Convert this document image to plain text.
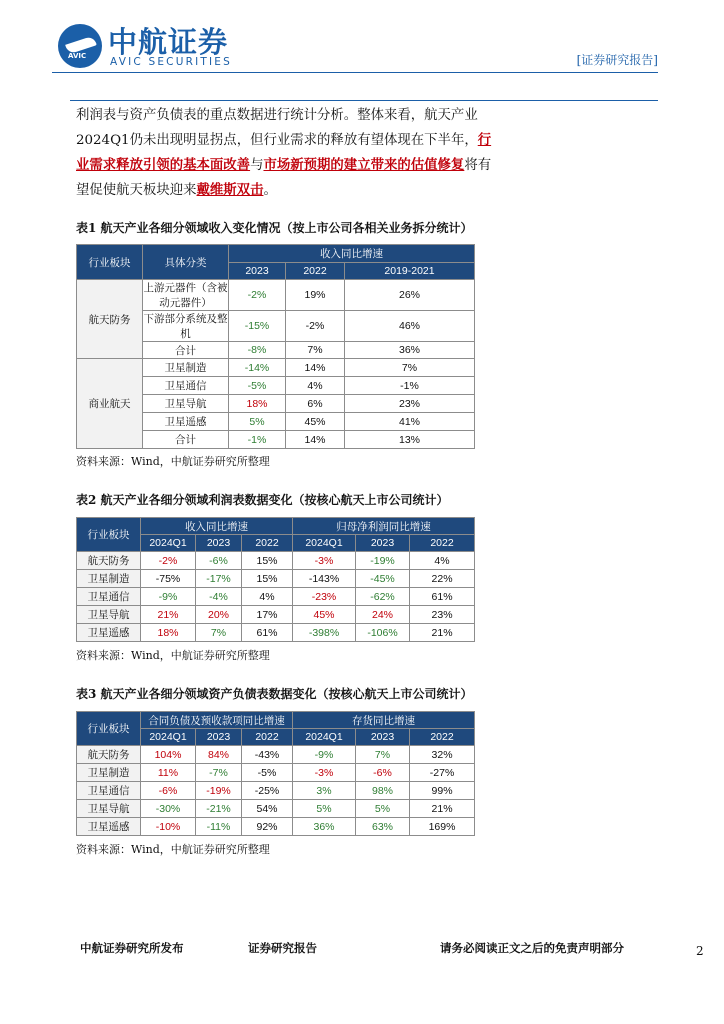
AVIC 中航证券
AVIC SECURITIES	[证券研究报告]
利润表与资产负债表的重点数据进行统计分析。整体来看，航天产业2024Q1仍未出现明显拐点，但行业需求的释放有望体现在下半年，行业需求释放引领的基本面改善与市场新预期的建立带来的估值修复将有望促使航天板块迎来戴维斯双击。
表1 航天产业各细分领域收入变化情况（按上市公司各相关业务拆分统计）
行业板块	具体分类	收入同比增速		
		2023	2022	2019-2021
航天防务	上游元器件（含被动元器件）	-2%	19%	26%
	下游部分系统及整机	-15%	-2%	46%
	合计	-8%	7%	36%
商业航天	卫星制造	-14%	14%	7%
	卫星通信	-5%	4%	-1%
	卫星导航	18%	6%	23%
	卫星遥感	5%	45%	41%
	合计	-1%	14%	13%
资料来源：Wind，中航证券研究所整理
表2 航天产业各细分领域利润表数据变化（按核心航天上市公司统计）
行业板块	收入同比增速			归母净利润同比增速		
	2024Q1	2023	2022	2024Q1	2023	2022
航天防务	-2%	-6%	15%	-3%	-19%	4%
卫星制造	-75%	-17%	15%	-143%	-45%	22%
卫星通信	-9%	-4%	4%	-23%	-62%	61%
卫星导航	21%	20%	17%	45%	24%	23%
卫星遥感	18%	7%	61%	-398%	-106%	21%
资料来源：Wind，中航证券研究所整理
表3 航天产业各细分领域资产负债表数据变化（按核心航天上市公司统计）
行业板块	合同负债及预收款项同比增速			存货同比增速		
	2024Q1	2023	2022	2024Q1	2023	2022
航天防务	104%	84%	-43%	-9%	7%	32%
卫星制造	11%	-7%	-5%	-3%	-6%	-27%
卫星通信	-6%	-19%	-25%	3%	98%	99%
卫星导航	-30%	-21%	54%	5%	5%	21%
卫星遥感	-10%	-11%	92%	36%	63%	169%
资料来源：Wind，中航证券研究所整理
中航证券研究所发布	证券研究报告	请务必阅读正文之后的免责声明部分	2
